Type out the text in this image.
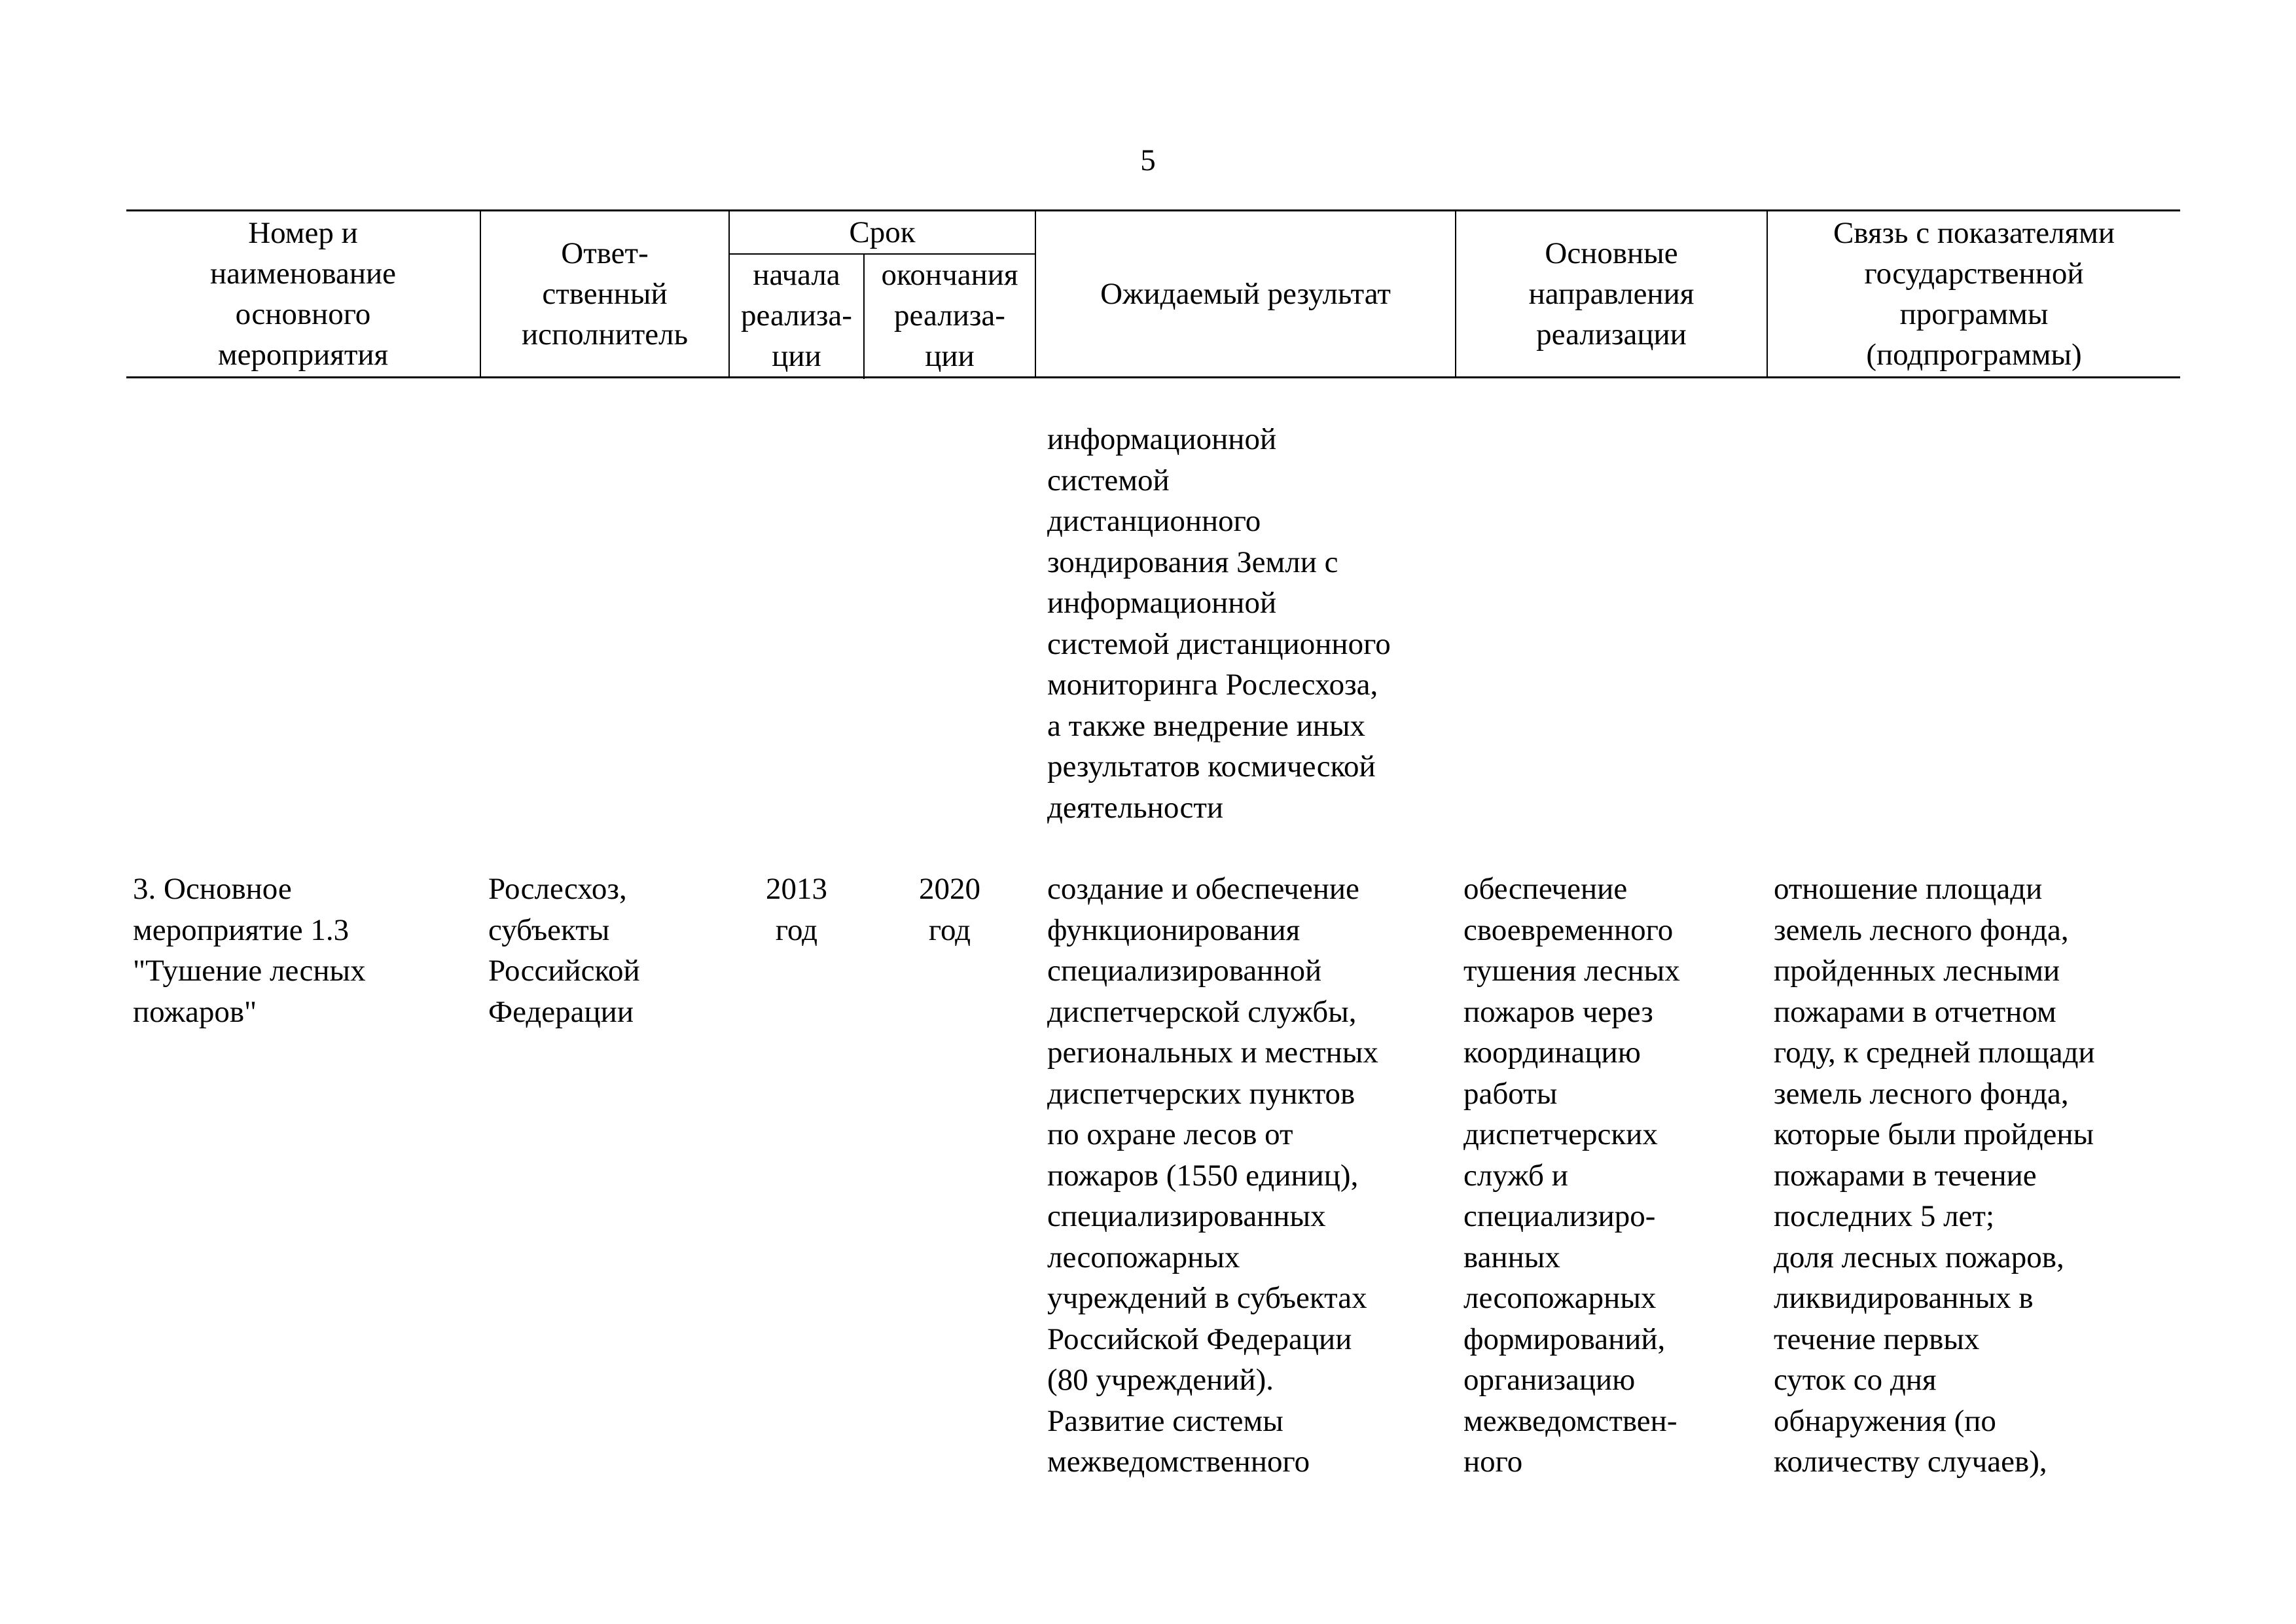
5
Номер и
наименование
основного
мероприятия
Ответ-
ственный
исполнитель
Срок
начала
реализа-
ции
окончания
реализа-
ции
Ожидаемый результат
Основные
направления
реализации
Связь с показателями
государственной
программы
(подпрограммы)
информационной
системой
дистанционного
зондирования Земли с
информационной
системой дистанционного
мониторинга Рослесхоза,
а также внедрение иных
результатов космической
деятельности
3. Основное
мероприятие 1.3
"Тушение лесных
пожаров"
Рослесхоз,
субъекты
Российской
Федерации
2013
год
2020
год
создание и обеспечение
функционирования
специализированной
диспетчерской службы,
региональных и местных
диспетчерских пунктов
по охране лесов от
пожаров (1550 единиц),
специализированных
лесопожарных
учреждений в субъектах
Российской Федерации
(80 учреждений).
Развитие системы
межведомственного
обеспечение
своевременного
тушения лесных
пожаров через
координацию
работы
диспетчерских
служб и
специализиро-
ванных
лесопожарных
формирований,
организацию
межведомствен-
ного
отношение площади
земель лесного фонда,
пройденных лесными
пожарами в отчетном
году, к средней площади
земель лесного фонда,
которые были пройдены
пожарами в течение
последних 5 лет;
доля лесных пожаров,
ликвидированных в
течение первых
суток со дня
обнаружения (по
количеству случаев),
